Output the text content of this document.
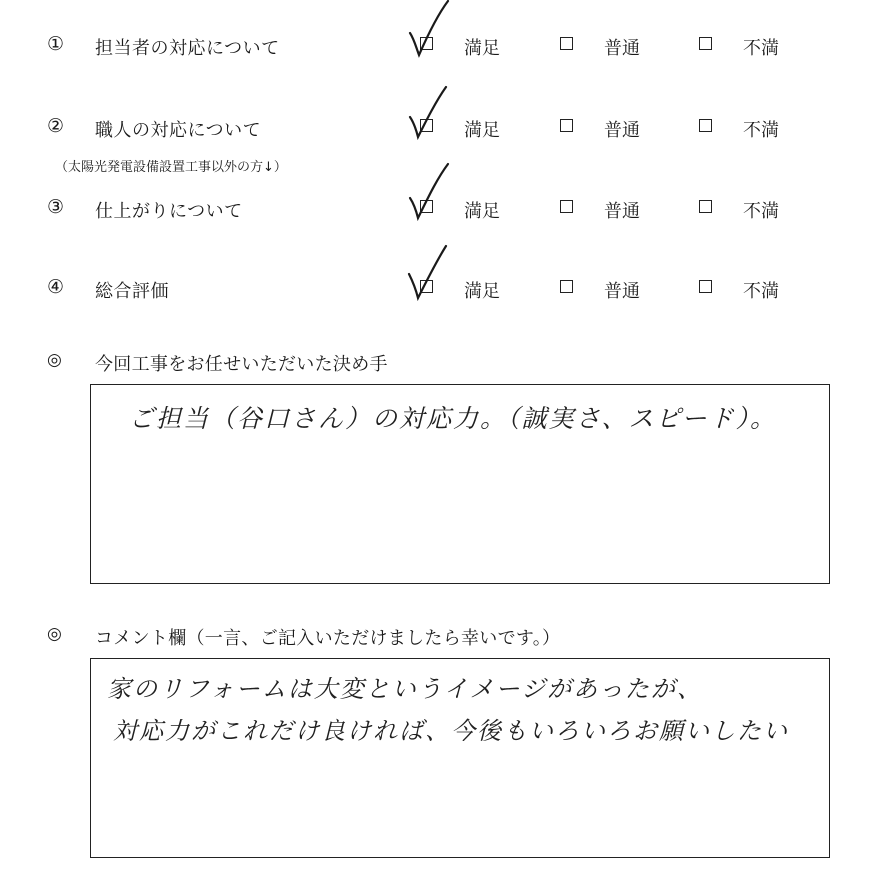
① 担当者の対応について	満足	普通	不満
② 職人の対応について	満足	普通	不満
（太陽光発電設備設置工事以外の方↓）
③ 仕上がりについて	満足	普通	不満
④ 総合評価	満足	普通	不満
◎ 今回工事をお任せいただいた決め手
ご担当（谷口さん）の対応力。（誠実さ、スピード）。
◎ コメント欄（一言、ご記入いただけましたら幸いです。）
家のリフォームは大変というイメージがあったが、
対応力がこれだけ良ければ、今後もいろいろお願いしたい
